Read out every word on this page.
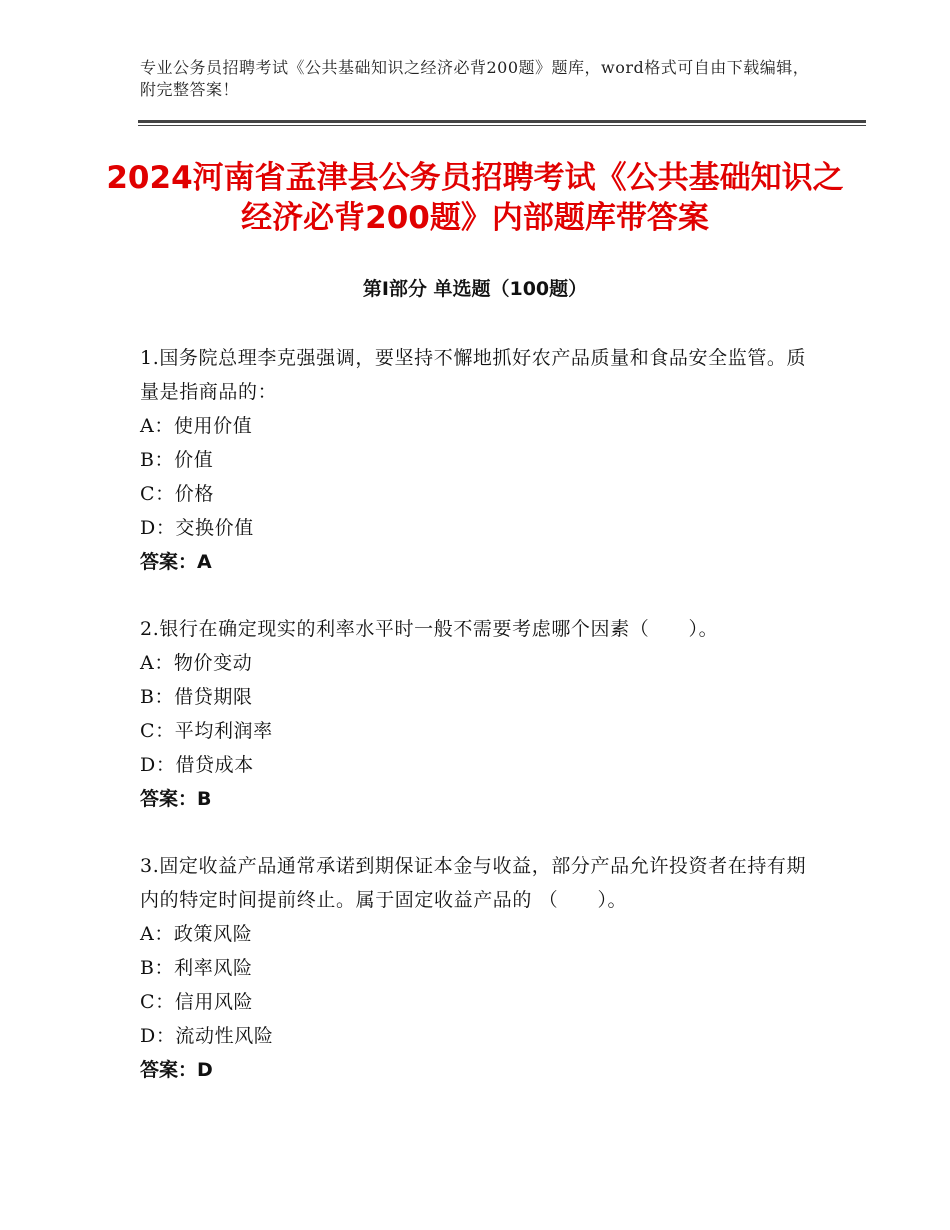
专业公务员招聘考试《公共基础知识之经济必背200题》题库，word格式可自由下载编辑，附完整答案！
2024河南省孟津县公务员招聘考试《公共基础知识之经济必背200题》内部题库带答案
第Ⅰ部分 单选题（100题）
1.国务院总理李克强强调，要坚持不懈地抓好农产品质量和食品安全监管。质量是指商品的：
A：使用价值
B：价值
C：价格
D：交换价值
答案：A
2.银行在确定现实的利率水平时一般不需要考虑哪个因素（　　）。
A：物价变动
B：借贷期限
C：平均利润率
D：借贷成本
答案：B
3.固定收益产品通常承诺到期保证本金与收益，部分产品允许投资者在持有期内的特定时间提前终止。属于固定收益产品的 （　　）。
A：政策风险
B：利率风险
C：信用风险
D：流动性风险
答案：D
